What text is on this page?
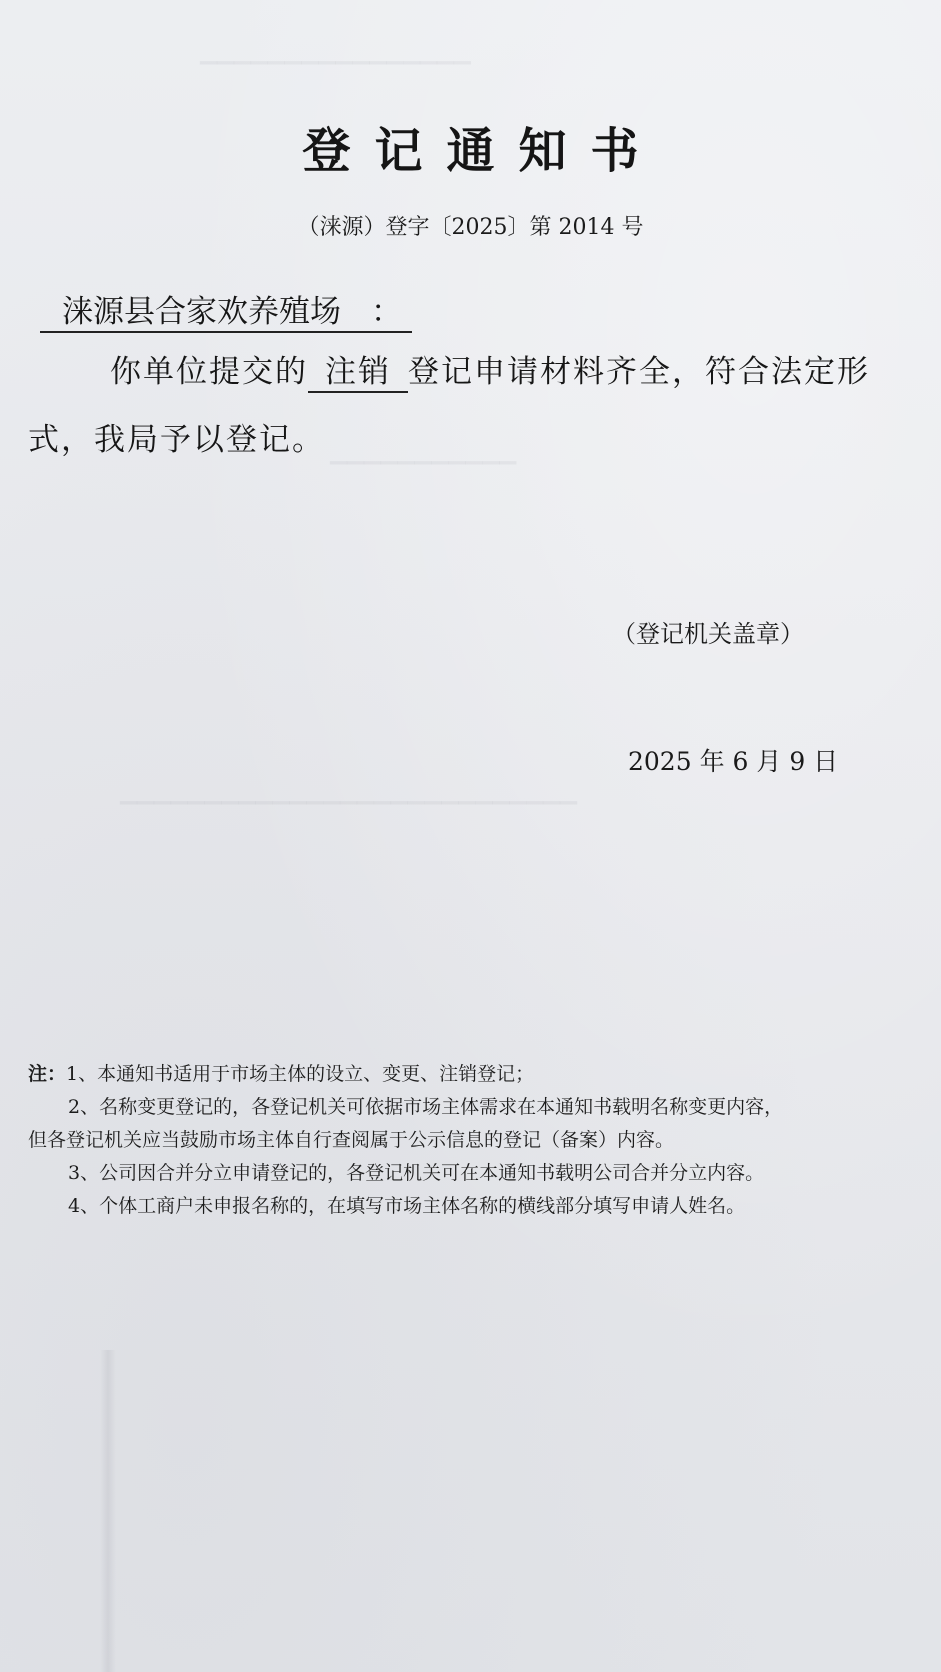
▁▁▁▁▁▁▁▁▁▁▁▁▁▁▁▁
▁▁▁▁▁▁▁▁▁▁▁
▁▁▁▁▁▁▁▁▁▁▁▁▁▁▁▁▁▁▁▁▁▁▁▁▁▁▁
登记通知书
（涞源）登字〔2025〕第 2014 号
涞源县合家欢养殖场 ：
你单位提交的 注销 登记申请材料齐全，符合法定形
式，我局予以登记。
（登记机关盖章）
2025 年 6 月 9 日
注：1、本通知书适用于市场主体的设立、变更、注销登记；
2、名称变更登记的，各登记机关可依据市场主体需求在本通知书载明名称变更内容，
但各登记机关应当鼓励市场主体自行查阅属于公示信息的登记（备案）内容。
3、公司因合并分立申请登记的，各登记机关可在本通知书载明公司合并分立内容。
4、个体工商户未申报名称的，在填写市场主体名称的横线部分填写申请人姓名。
